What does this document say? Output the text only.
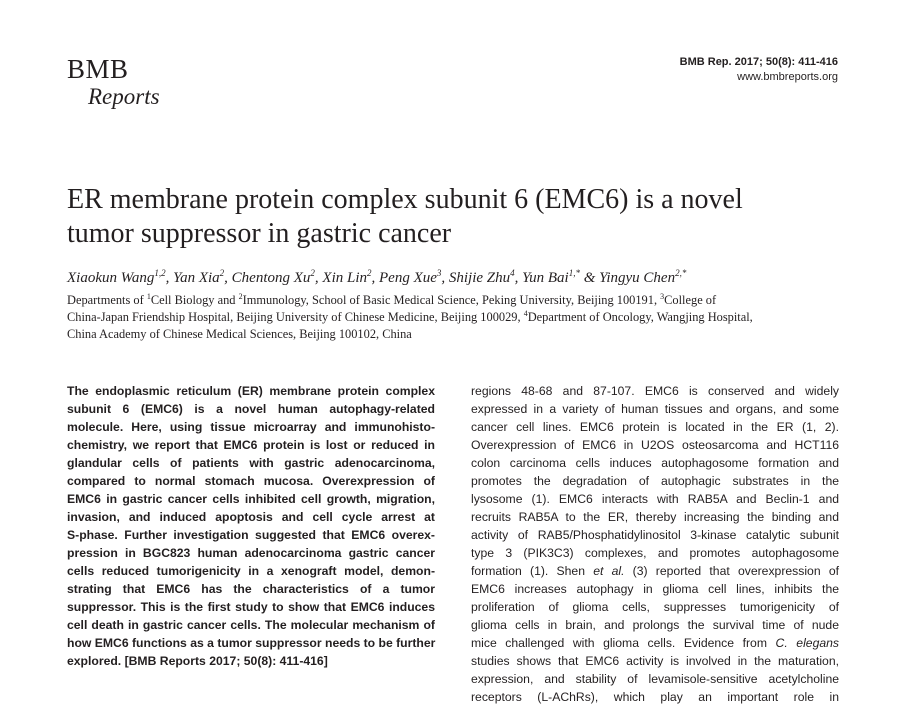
BMB
Reports
BMB Rep. 2017; 50(8): 411-416
www.bmbreports.org
ER membrane protein complex subunit 6 (EMC6) is a novel
tumor suppressor in gastric cancer
Xiaokun Wang$^{1,2}$, Yan Xia$^2$, Chentong Xu$^2$, Xin Lin$^2$, Peng Xue$^3$, Shijie Zhu$^4$, Yun Bai$^{1,*}$ & Yingyu Chen$^{2,*}$
Departments of $^1$Cell Biology and $^2$Immunology, School of Basic Medical Science, Peking University, Beijing 100191, $^3$College of
China-Japan Friendship Hospital, Beijing University of Chinese Medicine, Beijing 100029, $^4$Department of Oncology, Wangjing Hospital,
China Academy of Chinese Medical Sciences, Beijing 100102, China
The endoplasmic reticulum (ER) membrane protein complex
subunit 6 (EMC6) is a novel human autophagy-related
molecule. Here, using tissue microarray and immunohisto-
chemistry, we report that EMC6 protein is lost or reduced in
glandular cells of patients with gastric adenocarcinoma,
compared to normal stomach mucosa. Overexpression of
EMC6 in gastric cancer cells inhibited cell growth, migration,
invasion, and induced apoptosis and cell cycle arrest at
S-phase. Further investigation suggested that EMC6 overex-
pression in BGC823 human adenocarcinoma gastric cancer
cells reduced tumorigenicity in a xenograft model, demon-
strating that EMC6 has the characteristics of a tumor
suppressor. This is the first study to show that EMC6 induces
cell death in gastric cancer cells. The molecular mechanism of
how EMC6 functions as a tumor suppressor needs to be further
explored. [BMB Reports 2017; 50(8): 411-416]
regions 48-68 and 87-107. EMC6 is conserved and widely
expressed in a variety of human tissues and organs, and some
cancer cell lines. EMC6 protein is located in the ER (1, 2).
Overexpression of EMC6 in U2OS osteosarcoma and HCT116
colon carcinoma cells induces autophagosome formation and
promotes the degradation of autophagic substrates in the
lysosome (1). EMC6 interacts with RAB5A and Beclin-1 and
recruits RAB5A to the ER, thereby increasing the binding and
activity of RAB5/Phosphatidylinositol 3-kinase catalytic subunit
type 3 (PIK3C3) complexes, and promotes autophagosome
formation (1). Shen et al. (3) reported that overexpression of
EMC6 increases autophagy in glioma cell lines, inhibits the
proliferation of glioma cells, suppresses tumorigenicity of
glioma cells in brain, and prolongs the survival time of nude
mice challenged with glioma cells. Evidence from C. elegans
studies shows that EMC6 activity is involved in the maturation,
expression, and stability of levamisole-sensitive acetylcholine
receptors (L-AChRs), which play an important role in
